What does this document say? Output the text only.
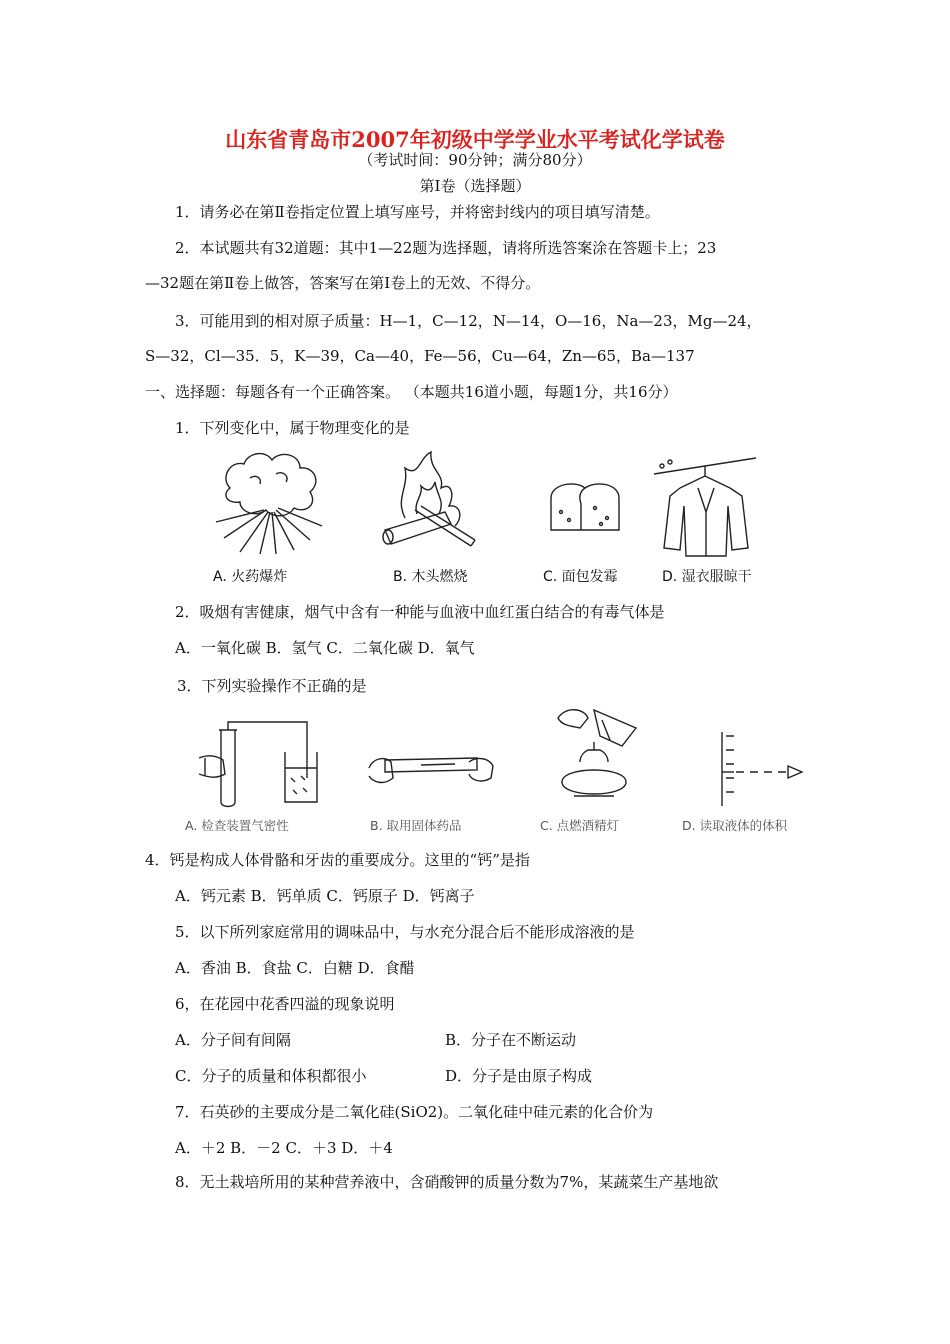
山东省青岛市2007年初级中学学业水平考试化学试卷
（考试时间：90分钟；满分80分）
第Ⅰ卷（选择题）
1．请务必在第Ⅱ卷指定位置上填写座号，并将密封线内的项目填写清楚。
2．本试题共有32道题：其中1—22题为选择题，请将所选答案涂在答题卡上；23
—32题在第Ⅱ卷上做答，答案写在第Ⅰ卷上的无效、不得分。
3．可能用到的相对原子质量：H—1，C—12，N—14，O—16，Na—23，Mg—24，
S—32，Cl—35．5，K—39，Ca—40，Fe—56，Cu—64，Zn—65，Ba—137
一、选择题：每题各有一个正确答案。 （本题共16道小题，每题1分，共16分）
1．下列变化中，属于物理变化的是
A. 火药爆炸	B. 木头燃烧	C. 面包发霉	D. 湿衣服晾干
2．吸烟有害健康，烟气中含有一种能与血液中血红蛋白结合的有毒气体是
A．一氧化碳 B．氢气 C．二氧化碳 D．氧气
3．下列实验操作不正确的是
A. 检查装置气密性	B. 取用固体药品	C. 点燃酒精灯	D. 读取液体的体积
4．钙是构成人体骨骼和牙齿的重要成分。这里的“钙”是指
A．钙元素 B．钙单质 C．钙原子 D．钙离子
5．以下所列家庭常用的调味品中，与水充分混合后不能形成溶液的是
A．香油 B．食盐 C．白糖 D．食醋
6，在花园中花香四溢的现象说明
A．分子间有间隔	B．分子在不断运动
C．分子的质量和体积都很小	D．分子是由原子构成
7．石英砂的主要成分是二氧化硅(SiO2)。二氧化硅中硅元素的化合价为
A．＋2 B．－2 C．＋3 D．＋4
8．无土栽培所用的某种营养液中，含硝酸钾的质量分数为7%，某蔬菜生产基地欲
